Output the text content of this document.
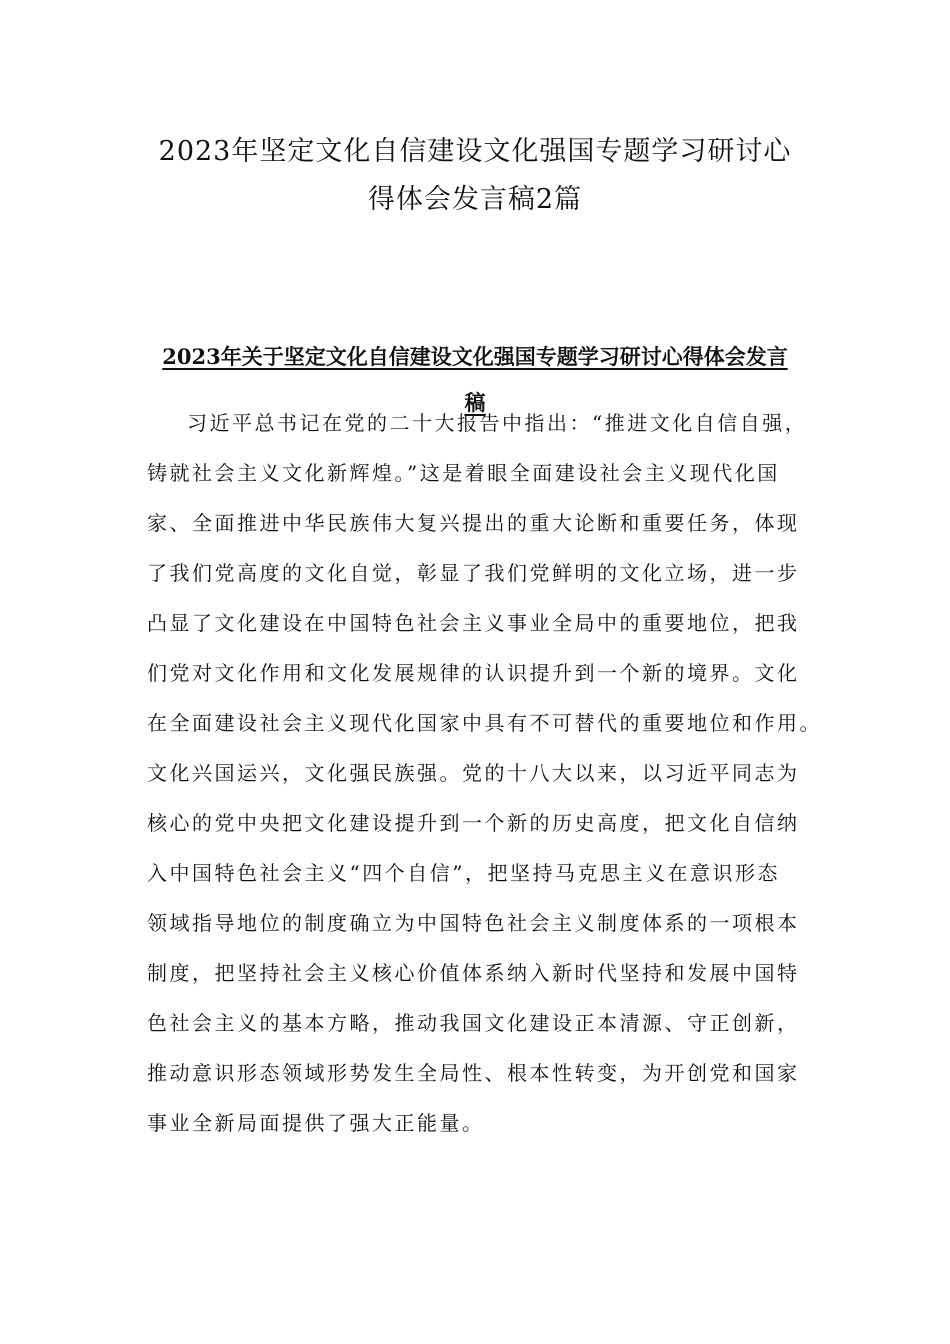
2023年坚定文化自信建设文化强国专题学习研讨心
得体会发言稿2篇
2023年关于坚定文化自信建设文化强国专题学习研讨心得体会发言
稿
习近平总书记在党的二十大报告中指出：“推进文化自信自强，
铸就社会主义文化新辉煌。”这是着眼全面建设社会主义现代化国
家、全面推进中华民族伟大复兴提出的重大论断和重要任务，体现
了我们党高度的文化自觉，彰显了我们党鲜明的文化立场，进一步
凸显了文化建设在中国特色社会主义事业全局中的重要地位，把我
们党对文化作用和文化发展规律的认识提升到一个新的境界。文化
在全面建设社会主义现代化国家中具有不可替代的重要地位和作用。
文化兴国运兴，文化强民族强。党的十八大以来，以习近平同志为
核心的党中央把文化建设提升到一个新的历史高度，把文化自信纳
入中国特色社会主义“四个自信”，把坚持马克思主义在意识形态
领域指导地位的制度确立为中国特色社会主义制度体系的一项根本
制度，把坚持社会主义核心价值体系纳入新时代坚持和发展中国特
色社会主义的基本方略，推动我国文化建设正本清源、守正创新，
推动意识形态领域形势发生全局性、根本性转变，为开创党和国家
事业全新局面提供了强大正能量。
